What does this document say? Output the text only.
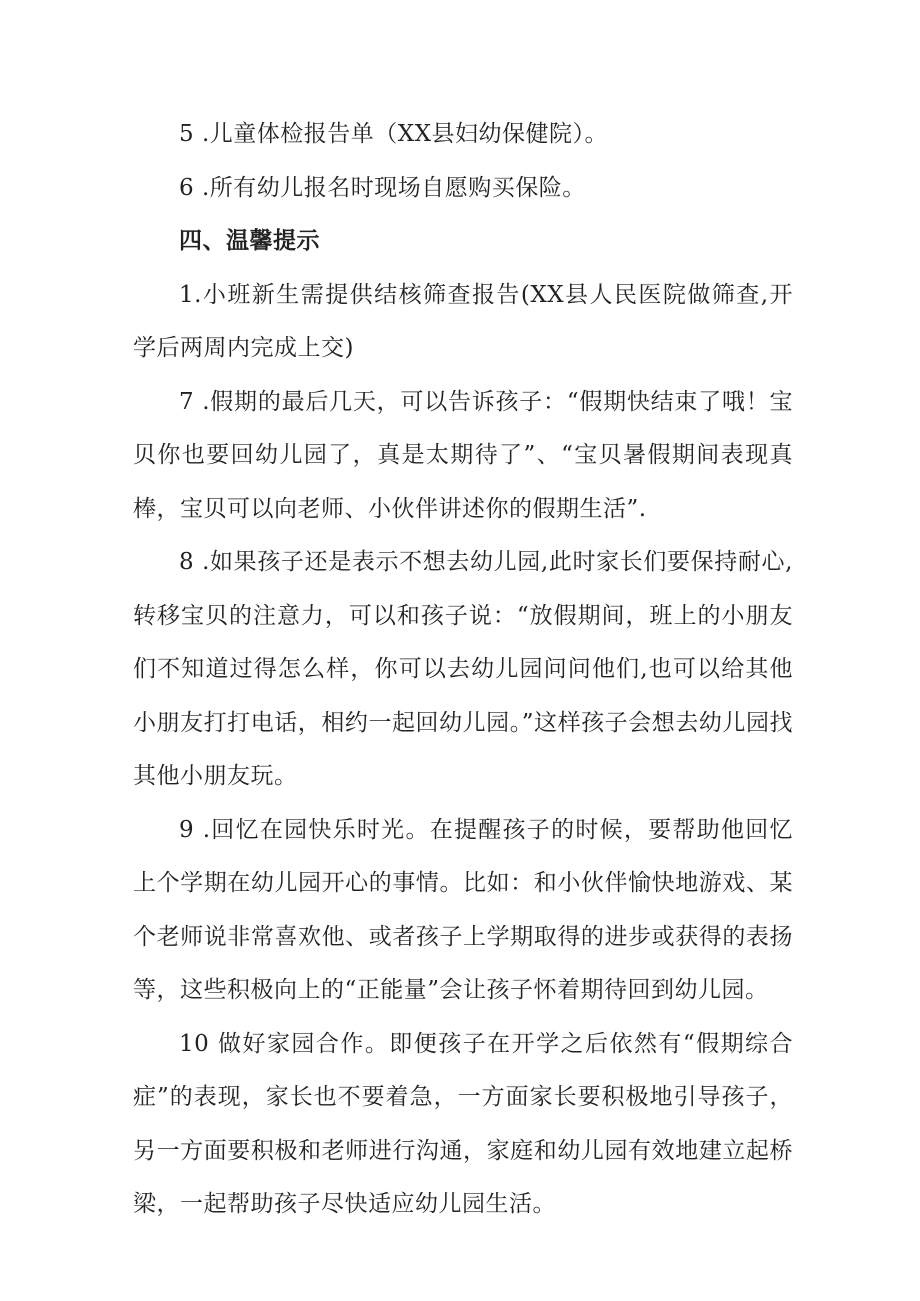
5 .儿童体检报告单（XX县妇幼保健院）。

6 .所有幼儿报名时现场自愿购买保险。

四、温馨提示

1.小班新生需提供结核筛查报告(XX县人民医院做筛查,开学后两周内完成上交)

7 .假期的最后几天，可以告诉孩子：“假期快结束了哦！宝贝你也要回幼儿园了，真是太期待了”、“宝贝暑假期间表现真棒，宝贝可以向老师、小伙伴讲述你的假期生活”.

8 .如果孩子还是表示不想去幼儿园,此时家长们要保持耐心,转移宝贝的注意力，可以和孩子说：“放假期间，班上的小朋友们不知道过得怎么样，你可以去幼儿园问问他们,也可以给其他小朋友打打电话，相约一起回幼儿园。”这样孩子会想去幼儿园找其他小朋友玩。

9 .回忆在园快乐时光。在提醒孩子的时候，要帮助他回忆上个学期在幼儿园开心的事情。比如：和小伙伴愉快地游戏、某个老师说非常喜欢他、或者孩子上学期取得的进步或获得的表扬等，这些积极向上的“正能量”会让孩子怀着期待回到幼儿园。

10 做好家园合作。即便孩子在开学之后依然有“假期综合症”的表现，家长也不要着急，一方面家长要积极地引导孩子，另一方面要积极和老师进行沟通，家庭和幼儿园有效地建立起桥梁，一起帮助孩子尽快适应幼儿园生活。
